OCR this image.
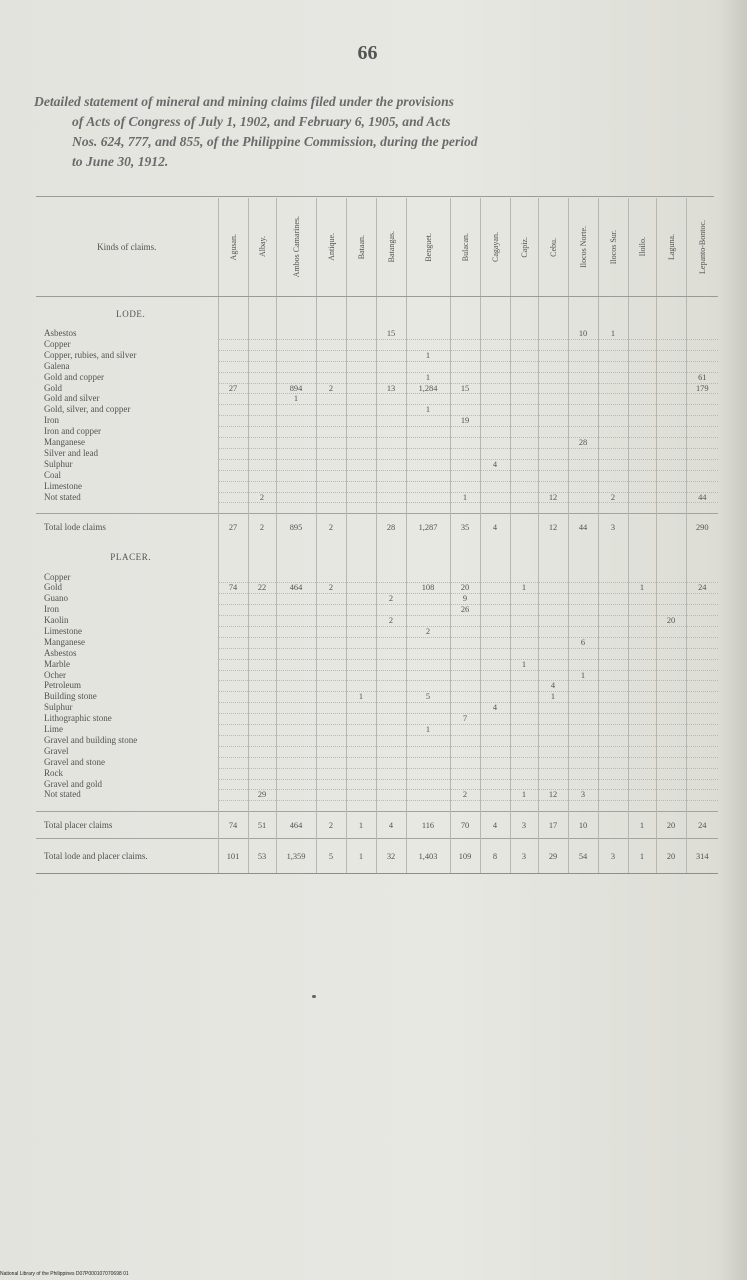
66
Detailed statement of mineral and mining claims filed under the provisions
of Acts of Congress of July 1, 1902, and February 6, 1905, and Acts
Nos. 624, 777, and 855, of the Philippine Commission, during the period
to June 30, 1912.
Kinds of claims.	Agusan.	Albay.	Ambos Camarines.	Antique.	Bataan.	Batangas.	Benguet.	Bulacan.	Cagayan.	Capiz.	Cebu.	Ilocos Norte.	Ilocos Sur.	Iloilo.	Laguna.	Lepanto-Bontoc.

LODE.																

Asbestos						15						10	1			
Copper																
Copper, rubies, and silver							1									
Galena																
Gold and copper							1									61
Gold	27		894	2		13	1,284	15								179
Gold and silver			1													
Gold, silver, and copper							1									
Iron								19								
Iron and copper																
Manganese												28				
Silver and lead																
Sulphur									4							
Coal																
Limestone																
Not stated		2						1			12		2			44

Total lode claims	27	2	895	2		28	1,287	35	4		12	44	3			290
PLACER.																

Copper																
Gold	74	22	464	2			108	20		1				1		24
Guano						2		9								
Iron								26								
Kaolin						2									20	
Limestone							2									
Manganese												6				
Asbestos																
Marble										1						
Ocher												1				
Petroleum											4					
Building stone					1		5				1					
Sulphur									4							
Lithographic stone								7								
Lime							1									
Gravel and building stone																
Gravel																
Gravel and stone																
Rock																
Gravel and gold																
Not stated		29						2		1	12	3				

Total placer claims	74	51	464	2	1	4	116	70	4	3	17	10		1	20	24
Total lode and placer claims.	101	53	1,359	5	1	32	1,403	109	8	3	29	54	3	1	20	314
National Library of the Philippines D07P000107070698 01
